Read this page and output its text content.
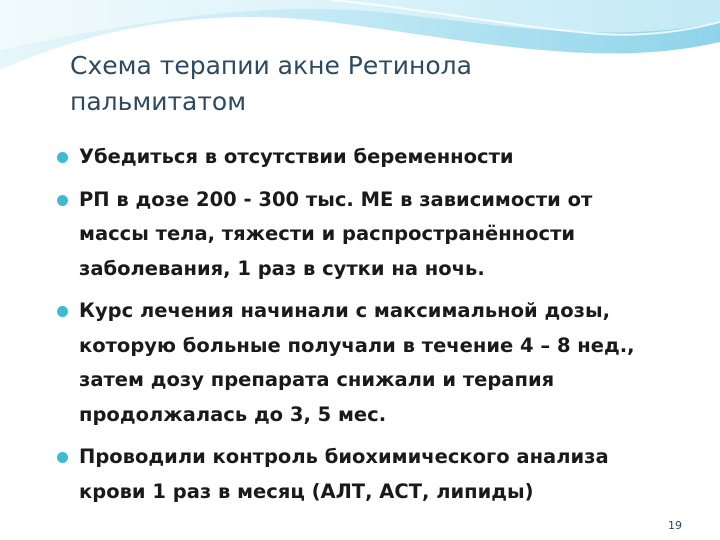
Схема терапии акне Ретинола
пальмитатом
Убедиться в отсутствии беременности
РП в дозе 200 - 300 тыс. МЕ в зависимости от
массы тела, тяжести и распространённости
заболевания, 1 раз в сутки на ночь.
Курс лечения начинали с максимальной дозы,
которую больные получали в течение 4 – 8 нед.,
затем дозу препарата снижали и терапия
продолжалась до 3, 5 мес.
Проводили контроль биохимического анализа
крови 1 раз в месяц (АЛТ, АСТ, липиды)
19
